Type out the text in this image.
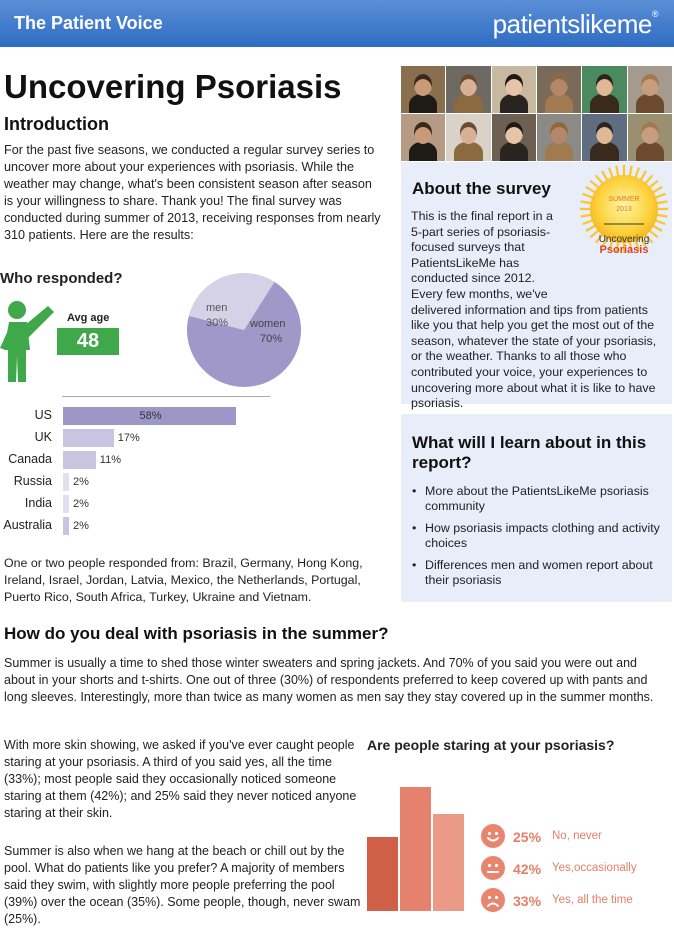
The Patient Voice	patientslikeme®
Uncovering Psoriasis
Introduction

For the past five seasons, we conducted a regular survey series to uncover more about your experiences with psoriasis. While the weather may change, what's been consistent season after season is your willingness to share. Thank you! The final survey was conducted during summer of 2013, receiving responses from nearly 310 patients. Here are the results:

Who responded?
Avg age
48
men
30% women
70%
US	58%
UK	17%
Canada	11%
Russia 2%
India 2%
Australia 2%

One or two people responded from: Brazil, Germany, Hong Kong, Ireland, Israel, Jordan, Latvia, Mexico, the Netherlands, Portugal, Puerto Rico, South Africa, Turkey, Ukraine and Vietnam.

About the survey

This is the final report in a 5-part series of psoriasis-focused surveys that PatientsLikeMe has conducted since 2012. Every few months, we've delivered information and tips from patients like you that help you get the most out of the season, whatever the state of your psoriasis, or the weather. Thanks to all those who contributed your voice, your experiences to uncovering more about what it is like to have psoriasis.

SUMMER
2013
Uncovering
Psoriasis
What will I learn about in this report?
• More about the PatientsLikeMe psoriasis community
• How psoriasis impacts clothing and activity choices
• Differences men and women report about their psoriasis
How do you deal with psoriasis in the summer?

Summer is usually a time to shed those winter sweaters and spring jackets. And 70% of you said you were out and about in your shorts and t-shirts. One out of three (30%) of respondents preferred to keep covered up with pants and long sleeves. Interestingly, more than twice as many women as men say they stay covered up in the summer months.

With more skin showing, we asked if you've ever caught people staring at your psoriasis. A third of you said yes, all the time (33%); most people said they occasionally noticed someone staring at them (42%); and 25% said they never noticed anyone staring at their skin.

Summer is also when we hang at the beach or chill out by the pool. What do patients like you prefer? A majority of members said they swim, with slightly more people preferring the pool (39%) over the ocean (35%). Some people, though, never swam (25%).

Are people staring at your psoriasis?
25% No, never
42% Yes,occasionally
33% Yes, all the time
